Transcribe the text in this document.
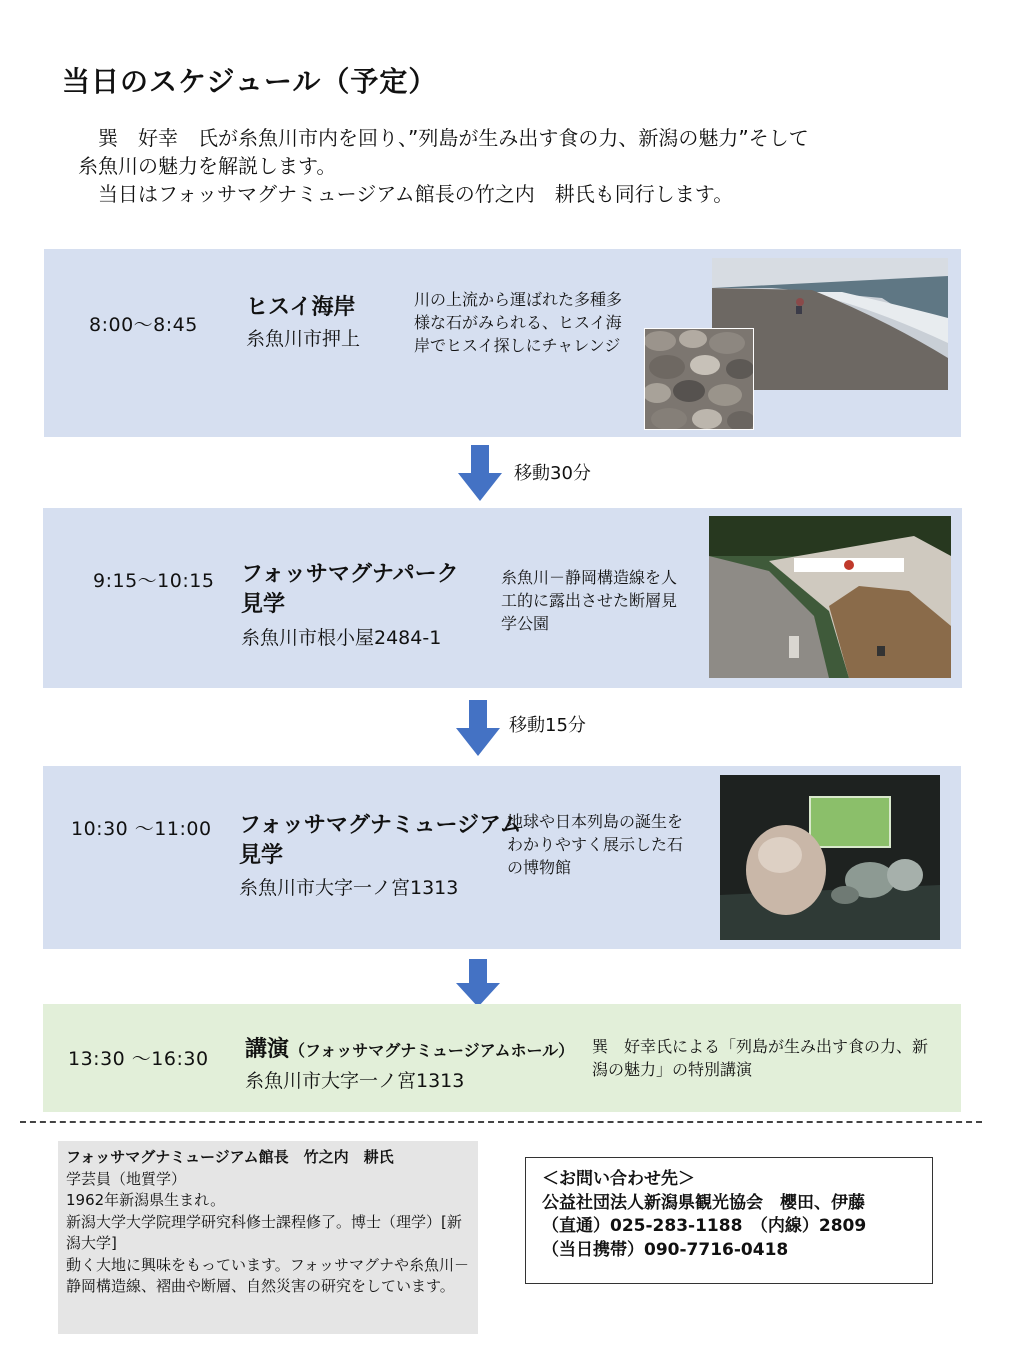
当日のスケジュール（予定）
　巽　好幸　氏が糸魚川市内を回り、”列島が生み出す食の力、新潟の魅力”そして
糸魚川の魅力を解説します。
　当日はフォッサマグナミュージアム館長の竹之内　耕氏も同行します。
8:00～8:45
ヒスイ海岸
糸魚川市押上
川の上流から運ばれた多種多様な石がみられる、ヒスイ海岸でヒスイ探しにチャレンジ
移動30分
9:15～10:15 フォッサマグナパーク
見学
糸魚川市根小屋2484-1
糸魚川－静岡構造線を人工的に露出させた断層見学公園
移動15分
10:30 ～11:00 フォッサマグナミュージアム
見学
糸魚川市大字一ノ宮1313
地球や日本列島の誕生をわかりやすく展示した石の博物館
13:30 ～16:30 講演（フォッサマグナミュージアムホール）
糸魚川市大字一ノ宮1313
巽　好幸氏による「列島が生み出す食の力、新潟の魅力」の特別講演
フォッサマグナミュージアム館長　竹之内　耕氏
学芸員（地質学）
1962年新潟県生まれ。
新潟大学大学院理学研究科修士課程修了。博士（理学）[新潟大学]
動く大地に興味をもっています。フォッサマグナや糸魚川－静岡構造線、褶曲や断層、自然災害の研究をしています。
＜お問い合わせ先＞
公益社団法人新潟県観光協会　櫻田、伊藤
（直通）025-283-1188　（内線）2809
（当日携帯）090-7716-0418
